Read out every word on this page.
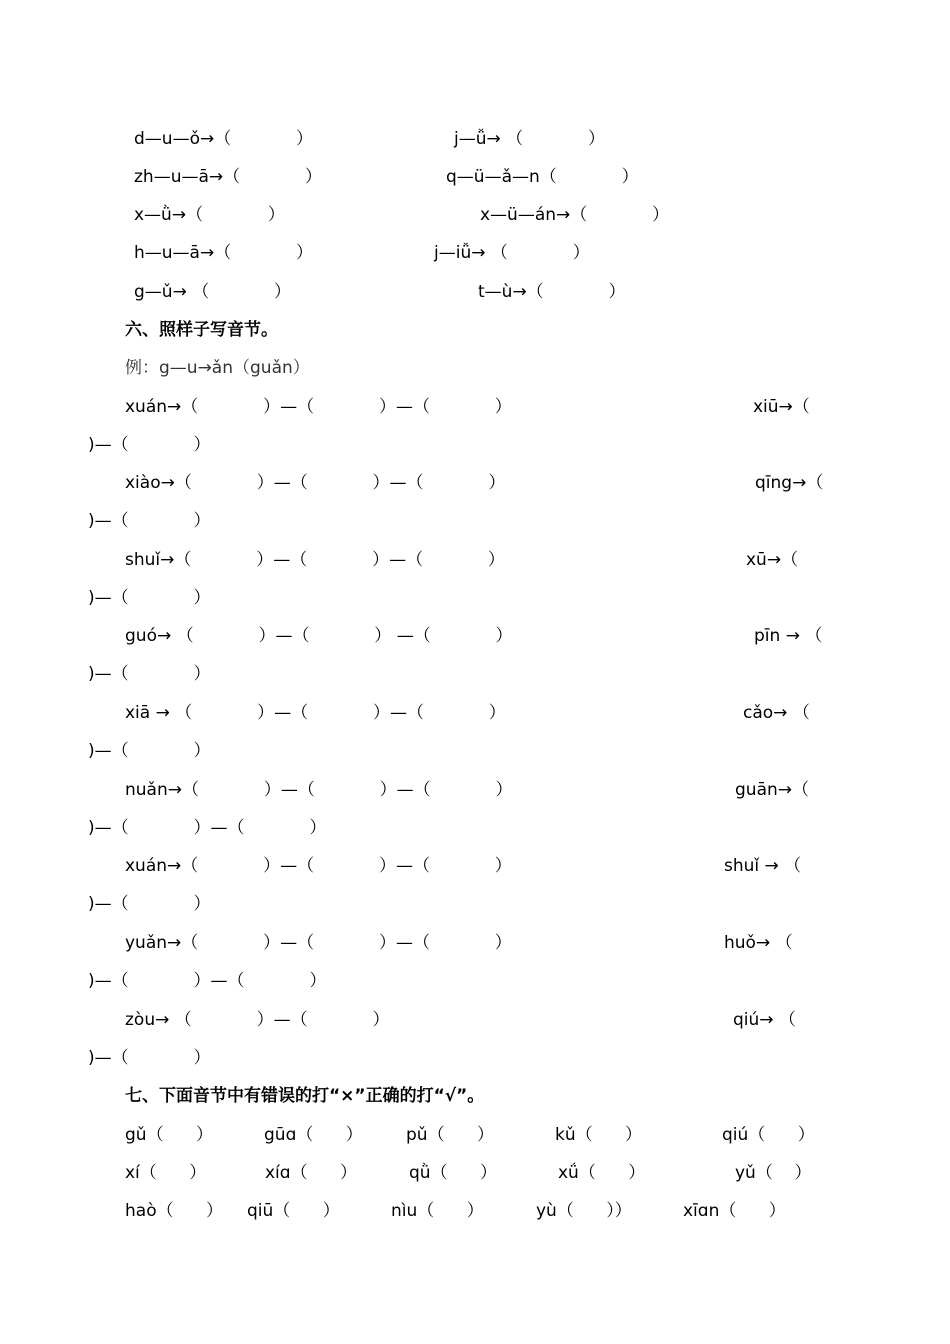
d—u—ǒ→（            ）	j—ǚ→ （            ）
zh—u—ā→（            ）	q—ü—ǎ—n（            ）
x—ǜ→（            ）	x—ü—án→（            ）
h—u—ā→（            ）	j—iǚ→ （            ）
g—ǔ→ （            ）	t—ù→（            ）
六、照样子写音节。
例：g—u→ǎn（guǎn）
xuán→（            ）—（            ）—（            ）	xiū→（
)—（            ）
xiào→（            ）—（            ）—（            ）	qīng→（
)—（            ）
shuǐ→（            ）—（            ）—（            ）	xū→（
)—（            ）
guó→ （            ）—（            ） —（            ）	pīn → （
)—（            ）
xiā → （            ）—（            ）—（            ）	cǎo→ （
)—（            ）
nuǎn→（            ）—（            ）—（            ）	guān→（
)—（            ）—（            ）
xuán→（            ）—（            ）—（            ）	shuǐ → （
)—（            ）
yuǎn→（            ）—（            ）—（            ）	huǒ→ （
)—（            ）—（            ）
zòu→ （            ）—（            ）	qiú→ （
)—（            ）
七、下面音节中有错误的打“×”正确的打“√”。
gǔ（      ）	gūɑ（      ）	pǔ（      ）	kǔ（      ）	qiú（      ）
xí（      ）	xíɑ（      ）	qǜ（      ）	xǘ（      ）	yǔ（    ）
haò（      ） qiū（      ）	nìu（      ）	yù（      ））	xīɑn（      ）
